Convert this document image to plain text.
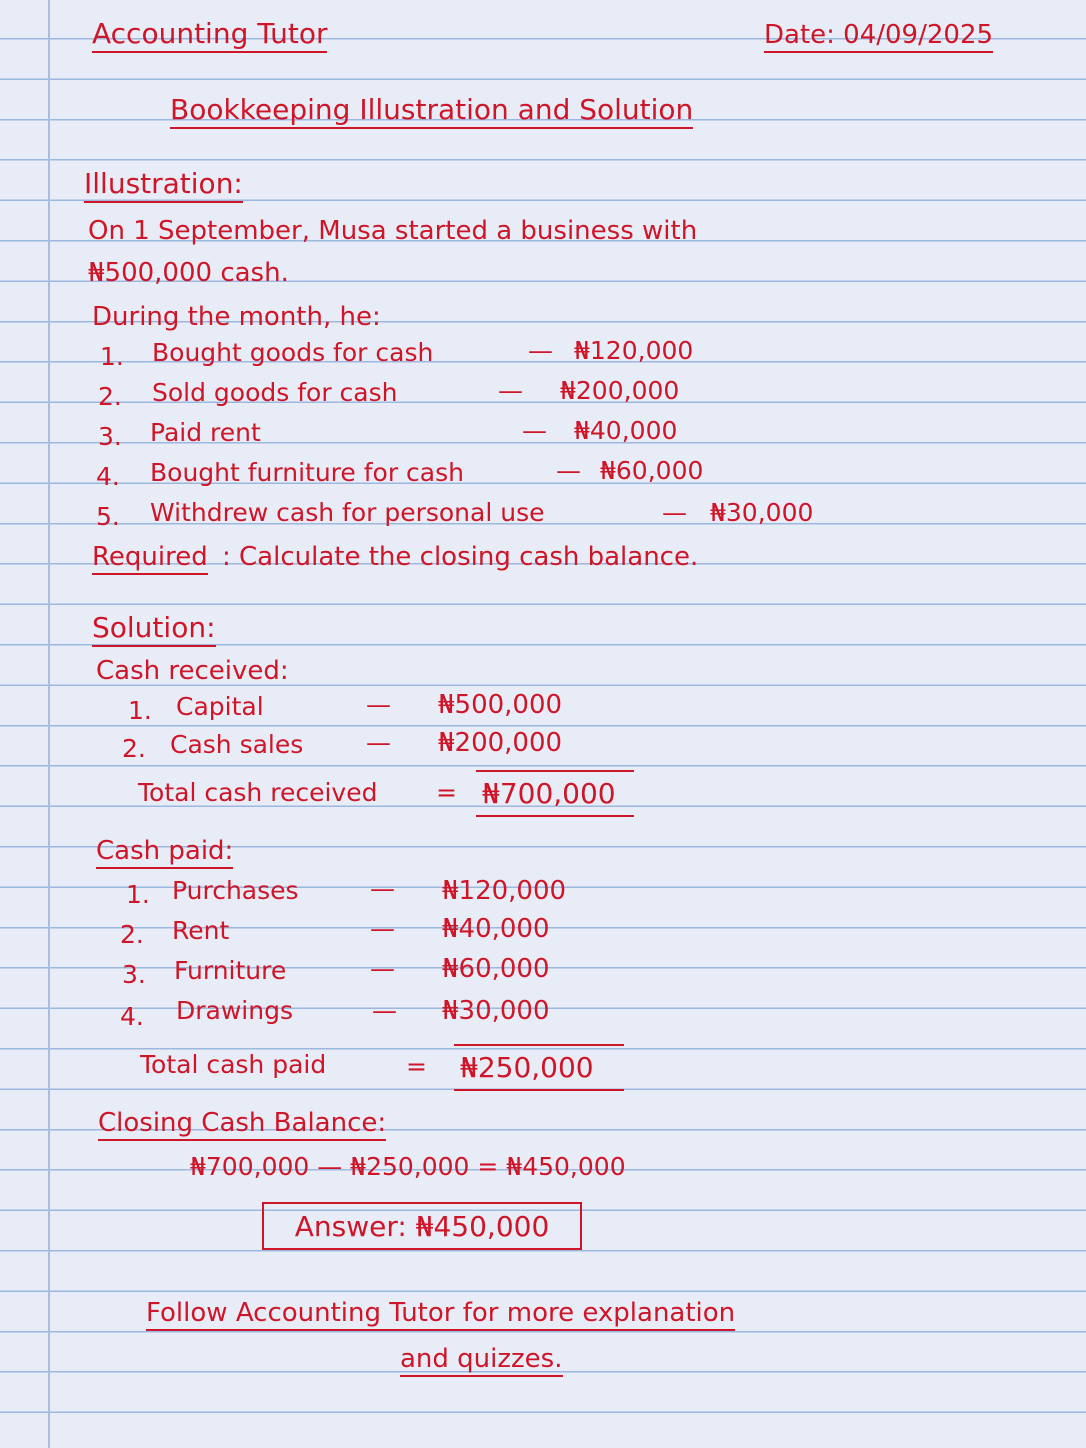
Accounting Tutor	Date: 04/09/2025
Bookkeeping Illustration and Solution
Illustration:
On 1 September, Musa started a business with
₦500,000 cash.
During the month, he:
1. Bought goods for cash	— ₦120,000
2. Sold goods for cash	— ₦200,000
3. Paid rent	— ₦40,000
4. Bought furniture for cash	— ₦60,000
5. Withdrew cash for personal use	— ₦30,000
Required : Calculate the closing cash balance.
Solution:
Cash received:
1. Capital	— ₦500,000
2. Cash sales	— ₦200,000
Total cash received = ₦700,000
Cash paid:
1. Purchases	— ₦120,000
2. Rent	— ₦40,000
3. Furniture	— ₦60,000
4. Drawings	— ₦30,000
Total cash paid	= ₦250,000
Closing Cash Balance:
₦700,000 — ₦250,000 = ₦450,000
Answer: ₦450,000
Follow Accounting Tutor for more explanation
and quizzes.
